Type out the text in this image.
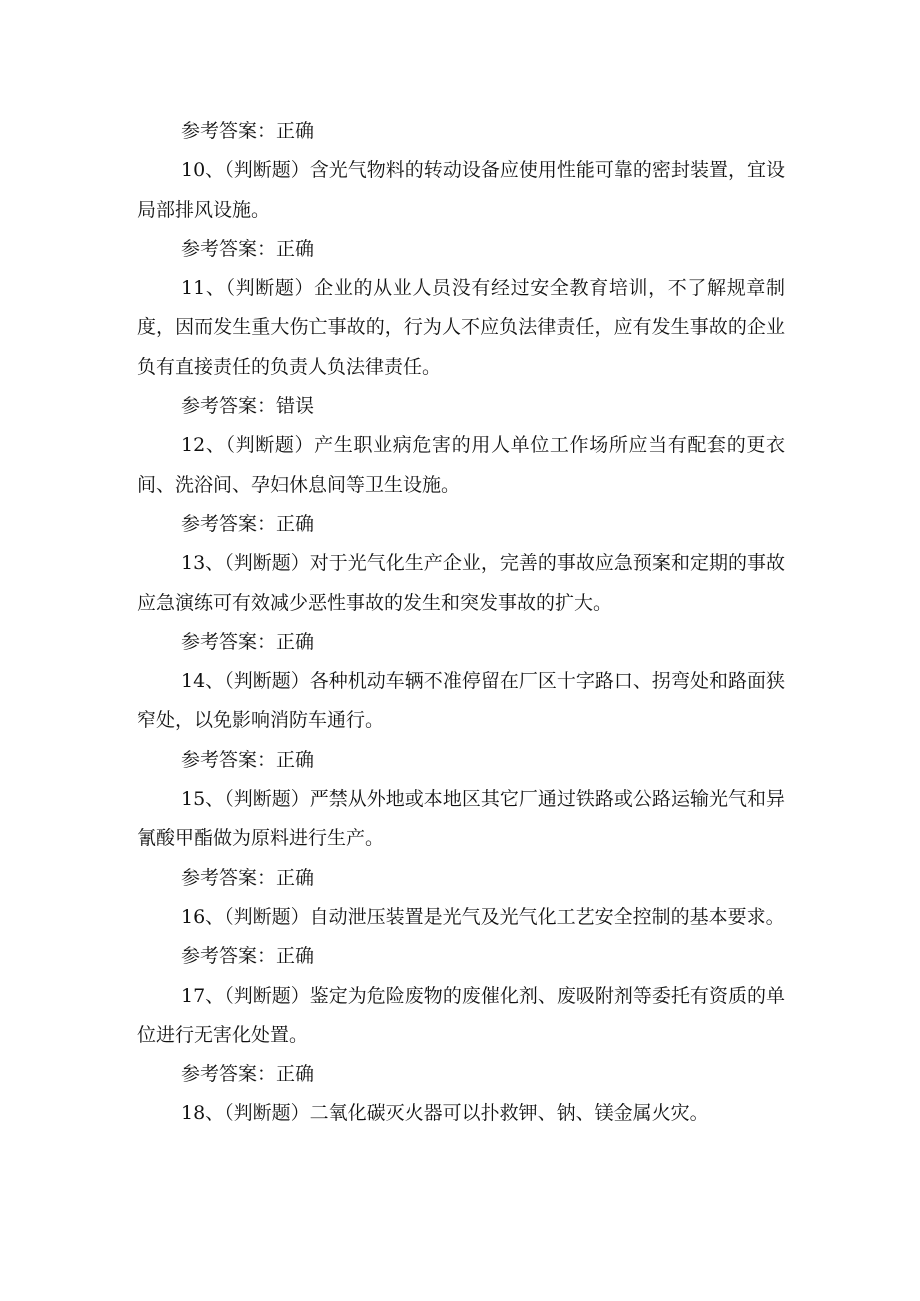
参考答案：正确

10、（判断题）含光气物料的转动设备应使用性能可靠的密封装置，宜设局部排风设施。

参考答案：正确

11、（判断题）企业的从业人员没有经过安全教育培训，不了解规章制度，因而发生重大伤亡事故的，行为人不应负法律责任，应有发生事故的企业负有直接责任的负责人负法律责任。

参考答案：错误

12、（判断题）产生职业病危害的用人单位工作场所应当有配套的更衣间、洗浴间、孕妇休息间等卫生设施。

参考答案：正确

13、（判断题）对于光气化生产企业，完善的事故应急预案和定期的事故应急演练可有效减少恶性事故的发生和突发事故的扩大。

参考答案：正确

14、（判断题）各种机动车辆不准停留在厂区十字路口、拐弯处和路面狭窄处，以免影响消防车通行。

参考答案：正确

15、（判断题）严禁从外地或本地区其它厂通过铁路或公路运输光气和异氰酸甲酯做为原料进行生产。

参考答案：正确

16、（判断题）自动泄压装置是光气及光气化工艺安全控制的基本要求。

参考答案：正确

17、（判断题）鉴定为危险废物的废催化剂、废吸附剂等委托有资质的单位进行无害化处置。

参考答案：正确

18、（判断题）二氧化碳灭火器可以扑救钾、钠、镁金属火灾。
